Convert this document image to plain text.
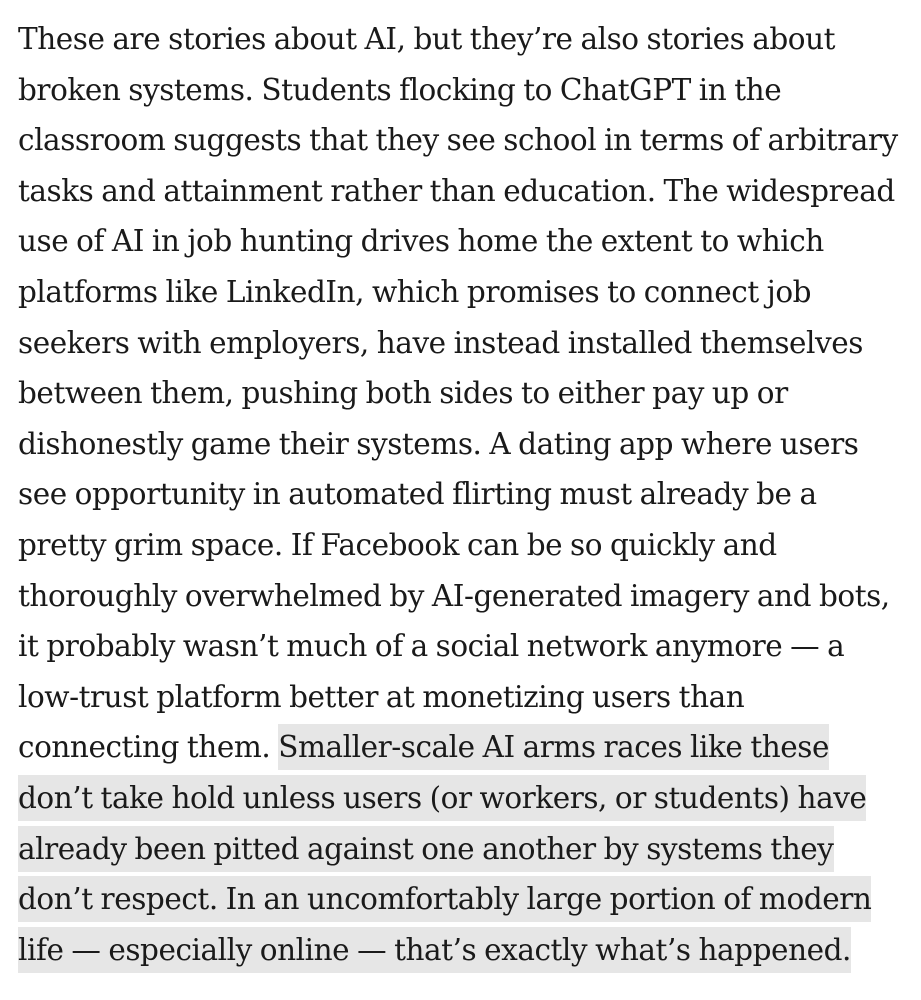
These are stories about AI, but they’re also stories about
broken systems. Students flocking to ChatGPT in the
classroom suggests that they see school in terms of arbitrary
tasks and attainment rather than education. The widespread
use of AI in job hunting drives home the extent to which
platforms like LinkedIn, which promises to connect job
seekers with employers, have instead installed themselves
between them, pushing both sides to either pay up or
dishonestly game their systems. A dating app where users
see opportunity in automated flirting must already be a
pretty grim space. If Facebook can be so quickly and
thoroughly overwhelmed by AI-generated imagery and bots,
it probably wasn’t much of a social network anymore — a
low-trust platform better at monetizing users than
connecting them. Smaller-scale AI arms races like these
don’t take hold unless users (or workers, or students) have
already been pitted against one another by systems they
don’t respect. In an uncomfortably large portion of modern
life — especially online — that’s exactly what’s happened.
